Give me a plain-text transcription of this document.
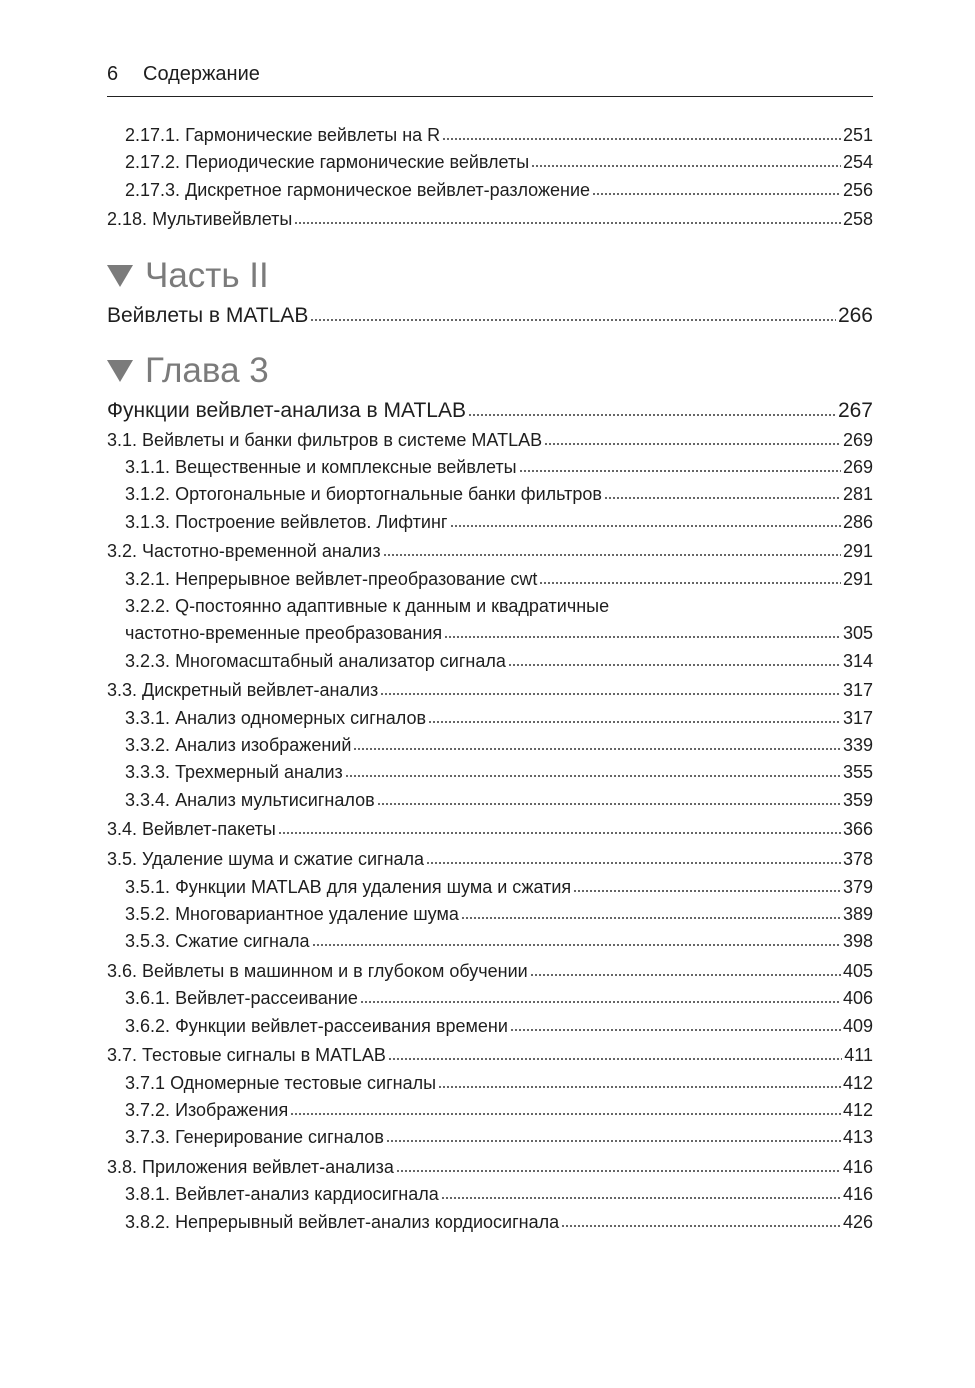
6 Содержание
2.17.1. Гармонические вейвлеты на R	251
2.17.2. Периодические гармонические вейвлеты	254
2.17.3. Дискретное гармоническое вейвлет-разложение	256
2.18. Мультивейвлеты	258
Часть II
Вейвлеты в MATLAB	266
Глава 3
Функции вейвлет-анализа в MATLAB	267
3.1. Вейвлеты и банки фильтров в системе MATLAB	269
3.1.1. Вещественные и комплексные вейвлеты	269
3.1.2. Ортогональные и биортогнальные банки фильтров	281
3.1.3. Построение вейвлетов. Лифтинг	286
3.2. Частотно-временной анализ	291
3.2.1. Непрерывное вейвлет-преобразование cwt	291
3.2.2. Q-постоянно адаптивные к данным и квадратичные
частотно-временные преобразования	305
3.2.3. Многомасштабный анализатор сигнала	314
3.3. Дискретный вейвлет-анализ	317
3.3.1. Анализ одномерных сигналов	317
3.3.2. Анализ изображений	339
3.3.3. Трехмерный анализ	355
3.3.4. Анализ мультисигналов	359
3.4. Вейвлет-пакеты	366
3.5. Удаление шума и сжатие сигнала	378
3.5.1. Функции MATLAB для удаления шума и сжатия	379
3.5.2. Многовариантное удаление шума	389
3.5.3. Сжатие сигнала	398
3.6. Вейвлеты в машинном и в глубоком обучении	405
3.6.1. Вейвлет-рассеивание	406
3.6.2. Функции вейвлет-рассеивания времени	409
3.7. Тестовые сигналы в MATLAB	411
3.7.1 Одномерные тестовые сигналы	412
3.7.2. Изображения	412
3.7.3. Генерирование сигналов	413
3.8. Приложения вейвлет-анализа	416
3.8.1. Вейвлет-анализ кардиосигнала	416
3.8.2. Непрерывный вейвлет-анализ кордиосигнала	426
